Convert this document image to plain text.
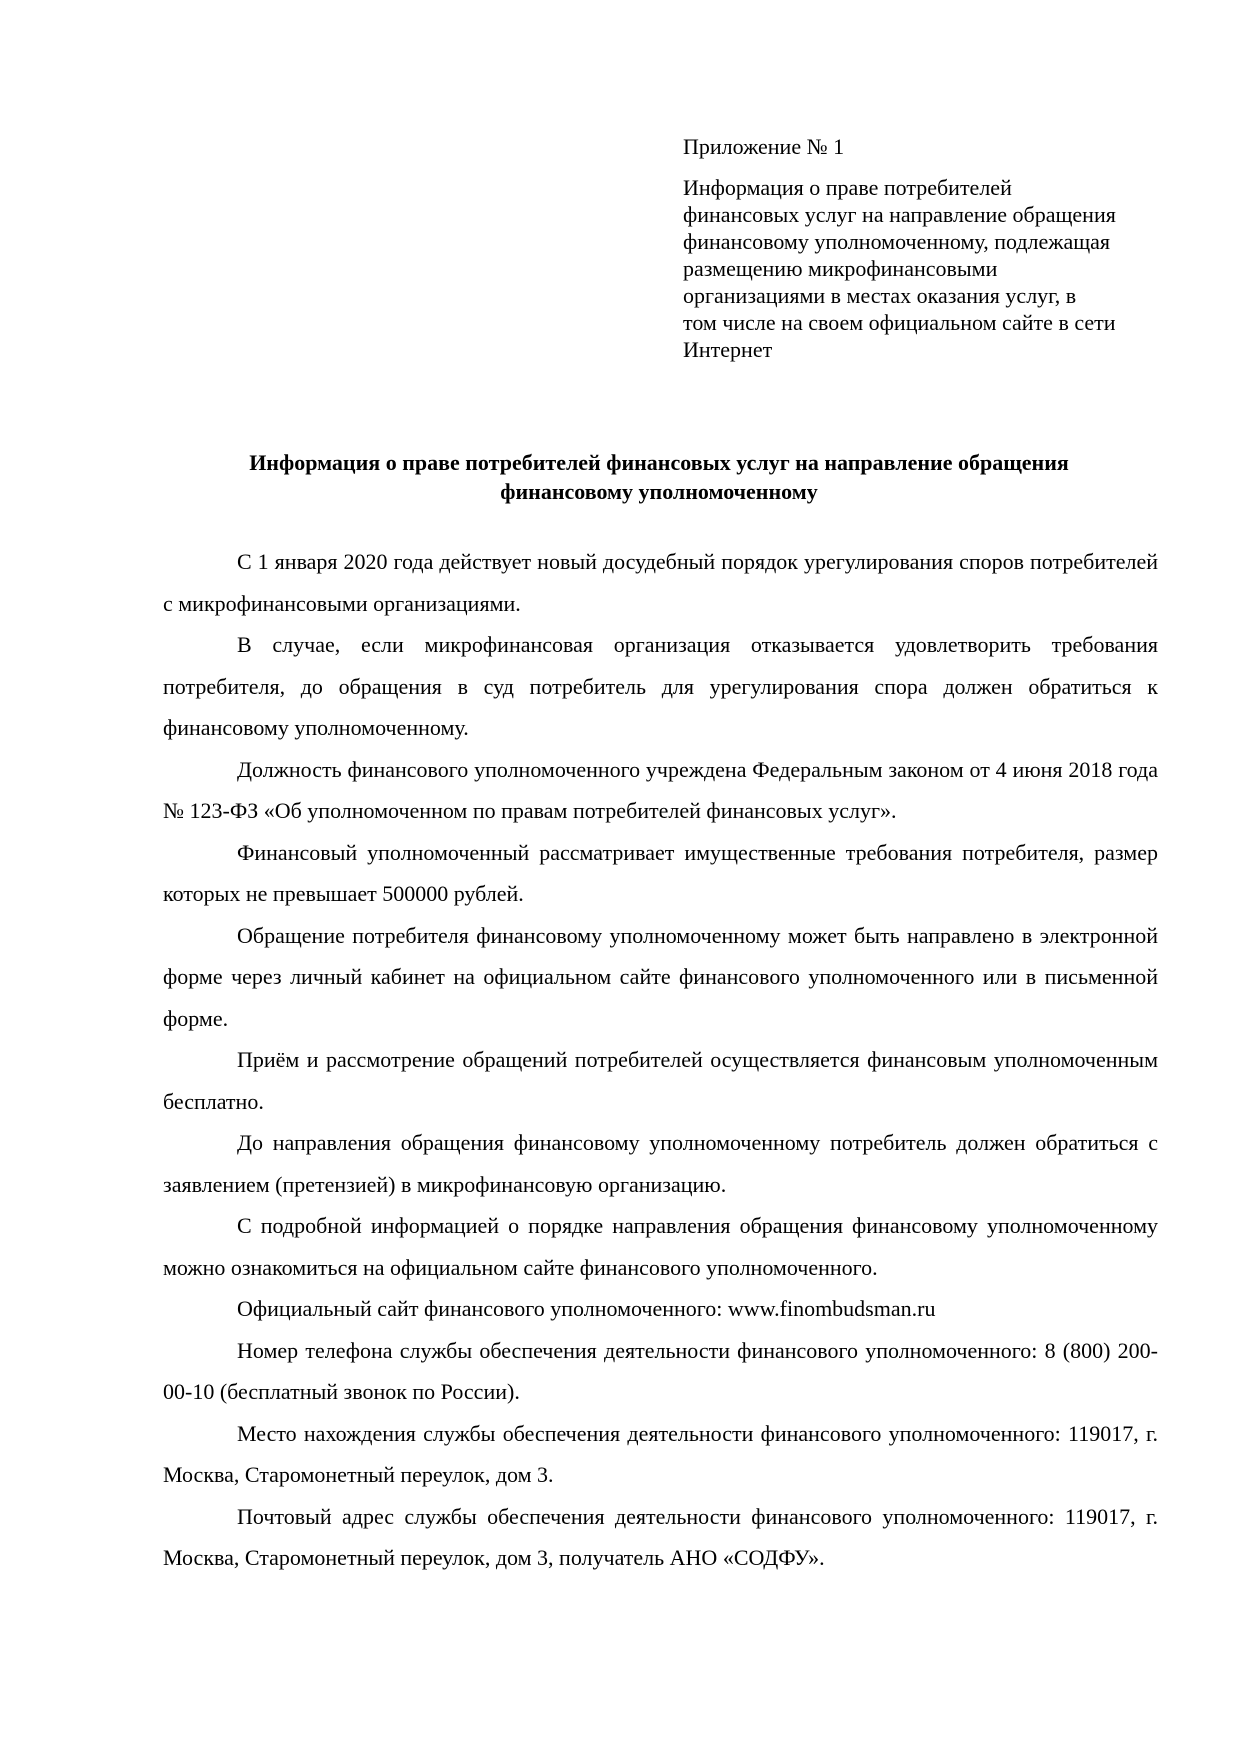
Приложение № 1

Информация о праве потребителей
финансовых услуг на направление обращения
финансовому уполномоченному, подлежащая
размещению микрофинансовыми
организациями в местах оказания услуг, в
том числе на своем официальном сайте в сети
Интернет

Информация о праве потребителей финансовых услуг на направление обращения
финансовому уполномоченному

С 1 января 2020 года действует новый досудебный порядок урегулирования споров потребителей с микрофинансовыми организациями.

В случае, если микрофинансовая организация отказывается удовлетворить требования потребителя, до обращения в суд потребитель для урегулирования спора должен обратиться к финансовому уполномоченному.

Должность финансового уполномоченного учреждена Федеральным законом от 4 июня 2018 года № 123-ФЗ «Об уполномоченном по правам потребителей финансовых услуг».

Финансовый уполномоченный рассматривает имущественные требования потребителя, размер которых не превышает 500000 рублей.

Обращение потребителя финансовому уполномоченному может быть направлено в электронной форме через личный кабинет на официальном сайте финансового уполномоченного или в письменной форме.

Приём и рассмотрение обращений потребителей осуществляется финансовым уполномоченным бесплатно.

До направления обращения финансовому уполномоченному потребитель должен обратиться с заявлением (претензией) в микрофинансовую организацию.

С подробной информацией о порядке направления обращения финансовому уполномоченному можно ознакомиться на официальном сайте финансового уполномоченного.

Официальный сайт финансового уполномоченного: www.finombudsman.ru

Номер телефона службы обеспечения деятельности финансового уполномоченного: 8 (800) 200-00-10 (бесплатный звонок по России).

Место нахождения службы обеспечения деятельности финансового уполномоченного: 119017, г. Москва, Старомонетный переулок, дом 3.

Почтовый адрес службы обеспечения деятельности финансового уполномоченного: 119017, г. Москва, Старомонетный переулок, дом 3, получатель АНО «СОДФУ».
